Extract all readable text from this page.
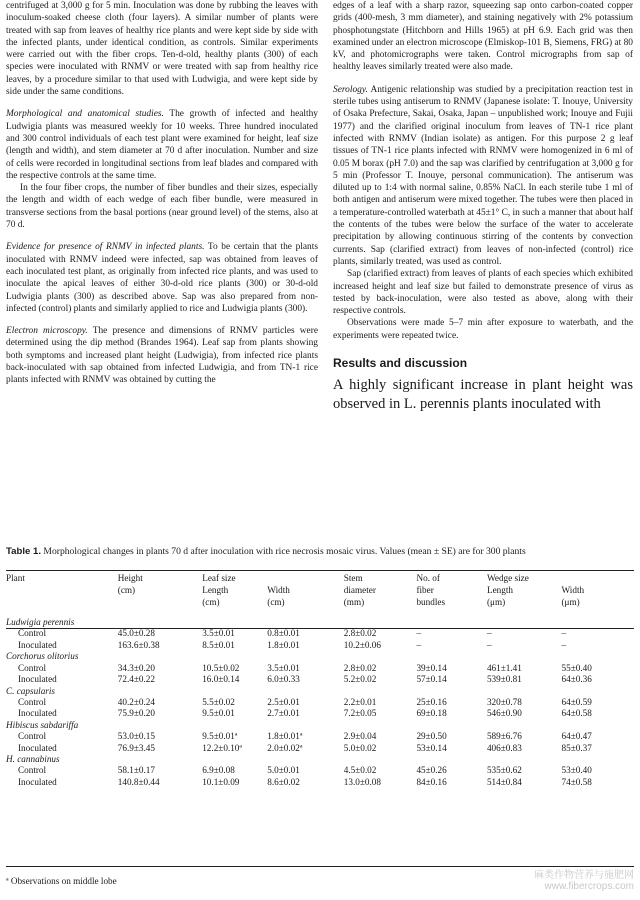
centrifuged at 3,000 g for 5 min. Inoculation was done by rubbing the leaves with inoculum-soaked cheese cloth (four layers). A similar number of plants were treated with sap from leaves of healthy rice plants and were kept side by side with the infected plants, under identical condition, as controls. Similar experiments were carried out with the fiber crops. Ten-d-old, healthy plants (300) of each species were inoculated with RNMV or were treated with sap from healthy rice leaves, by a procedure similar to that used with Ludwigia, and were kept side by side under the same conditions.

Morphological and anatomical studies. The growth of infected and healthy Ludwigia plants was measured weekly for 10 weeks. Three hundred inoculated and 300 control individuals of each test plant were examined for height, leaf size (length and width), and stem diameter at 70 d after inoculation. Number and size of cells were recorded in longitudinal sections from leaf blades and compared with the respective controls at the same time.

In the four fiber crops, the number of fiber bundles and their sizes, especially the length and width of each wedge of each fiber bundle, were measured in transverse sections from the basal portions (near ground level) of the stems, also at 70 d.

Evidence for presence of RNMV in infected plants. To be certain that the plants inoculated with RNMV indeed were infected, sap was obtained from leaves of each inoculated test plant, as originally from infected rice plants, and was used to inoculate the apical leaves of either 30-d-old rice plants (300) or 30-d-old Ludwigia plants (300) as described above. Sap was also prepared from non-infected (control) plants and similarly applied to rice and Ludwigia plants (300).

Electron microscopy. The presence and dimensions of RNMV particles were determined using the dip method (Brandes 1964). Leaf sap from plants showing both symptoms and increased plant height (Ludwigia), from infected rice plants back-inoculated with sap obtained from infected Ludwigia, and from TN-1 rice plants infected with RNMV was obtained by cutting the

edges of a leaf with a sharp razor, squeezing sap onto carbon-coated copper grids (400-mesh, 3 mm diameter), and staining negatively with 2% potassium phosphotungstate (Hitchborn and Hills 1965) at pH 6.9. Each grid was then examined under an electron microscope (Elmiskop-101 B, Siemens, FRG) at 80 kV, and photomicrographs were taken. Control micrographs from sap of healthy leaves similarly treated were also made.

Serology. Antigenic relationship was studied by a precipitation reaction test in sterile tubes using antiserum to RNMV (Japanese isolate: T. Inouye, University of Osaka Prefecture, Sakai, Osaka, Japan – unpublished work; Inouye and Fujii 1977) and the clarified original inoculum from leaves of TN-1 rice plant infected with RNMV (Indian isolate) as antigen. For this purpose 2 g leaf tissues of TN-1 rice plants infected with RNMV were homogenized in 6 ml of 0.05 M borax (pH 7.0) and the sap was clarified by centrifugation at 3,000 g for 5 min (Professor T. Inouye, personal communication). The antiserum was diluted up to 1:4 with normal saline, 0.85% NaCl. In each sterile tube 1 ml of both antigen and antiserum were mixed together. The tubes were then placed in a temperature-controlled waterbath at 45±1° C, in such a manner that about half the contents of the tubes were below the surface of the water to accelerate precipitation by allowing continuous stirring of the contents by convection currents. Sap (clarified extract) from leaves of non-infected (control) rice plants, similarly treated, was used as control.

Sap (clarified extract) from leaves of plants of each species which exhibited increased height and leaf size but failed to demonstrate presence of virus as tested by back-inoculation, were also tested as above, along with their respective controls.

Observations were made 5–7 min after exposure to waterbath, and the experiments were repeated twice.

Results and discussion

A highly significant increase in plant height was observed in L. perennis plants inoculated with

Table 1. Morphological changes in plants 70 d after inoculation with rice necrosis mosaic virus. Values (mean ± SE) are for 300 plants
Plant	Height	Leaf size		Stem	No. of	Wedge size	
	(cm)	Length	Width	diameter	fiber	Length	Width
		(cm)	(cm)	(mm)	bundles	(μm)	(μm)

Ludwigia perennis							
Control	45.0±0.28	3.5±0.01	0.8±0.01	2.8±0.02	–	–	–
Inoculated	163.6±0.38	8.5±0.01	1.8±0.01	10.2±0.06	–	–	–
Corchorus olitorius							
Control	34.3±0.20	10.5±0.02	3.5±0.01	2.8±0.02	39±0.14	461±1.41	55±0.40
Inoculated	72.4±0.22	16.0±0.14	6.0±0.33	5.2±0.02	57±0.14	539±0.81	64±0.36
C. capsularis							
Control	40.2±0.24	5.5±0.02	2.5±0.01	2.2±0.01	25±0.16	320±0.78	64±0.59
Inoculated	75.9±0.20	9.5±0.01	2.7±0.01	7.2±0.05	69±0.18	546±0.90	64±0.58
Hibiscus sabdariffa							
Control	53.0±0.15	9.5±0.01ª	1.8±0.01ª	2.9±0.04	29±0.50	589±6.76	64±0.47
Inoculated	76.9±3.45	12.2±0.10ª	2.0±0.02ª	5.0±0.02	53±0.14	406±0.83	85±0.37
H. cannabinus							
Control	58.1±0.17	6.9±0.08	5.0±0.01	4.5±0.02	45±0.26	535±0.62	53±0.40
Inoculated	140.8±0.44	10.1±0.09	8.6±0.02	13.0±0.08	84±0.16	514±0.84	74±0.58
ª Observations on middle lobe	麻类作物营养与施肥网
www.fibercrops.com
